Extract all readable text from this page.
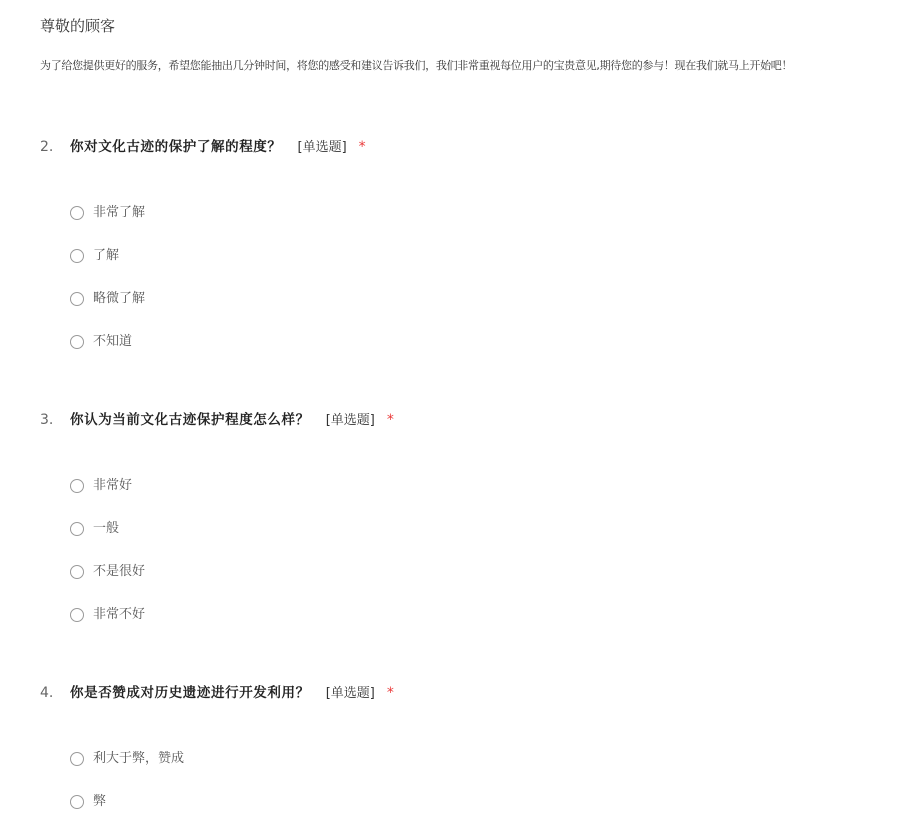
尊敬的顾客
为了给您提供更好的服务，希望您能抽出几分钟时间，将您的感受和建议告诉我们，我们非常重视每位用户的宝贵意见,期待您的参与！现在我们就马上开始吧！
2. 你对文化古迹的保护了解的程度？ [单选题] *
非常了解
了解
略微了解
不知道
3. 你认为当前文化古迹保护程度怎么样？ [单选题] *
非常好
一般
不是很好
非常不好
4. 你是否赞成对历史遗迹进行开发利用？ [单选题] *
利大于弊，赞成
弊
